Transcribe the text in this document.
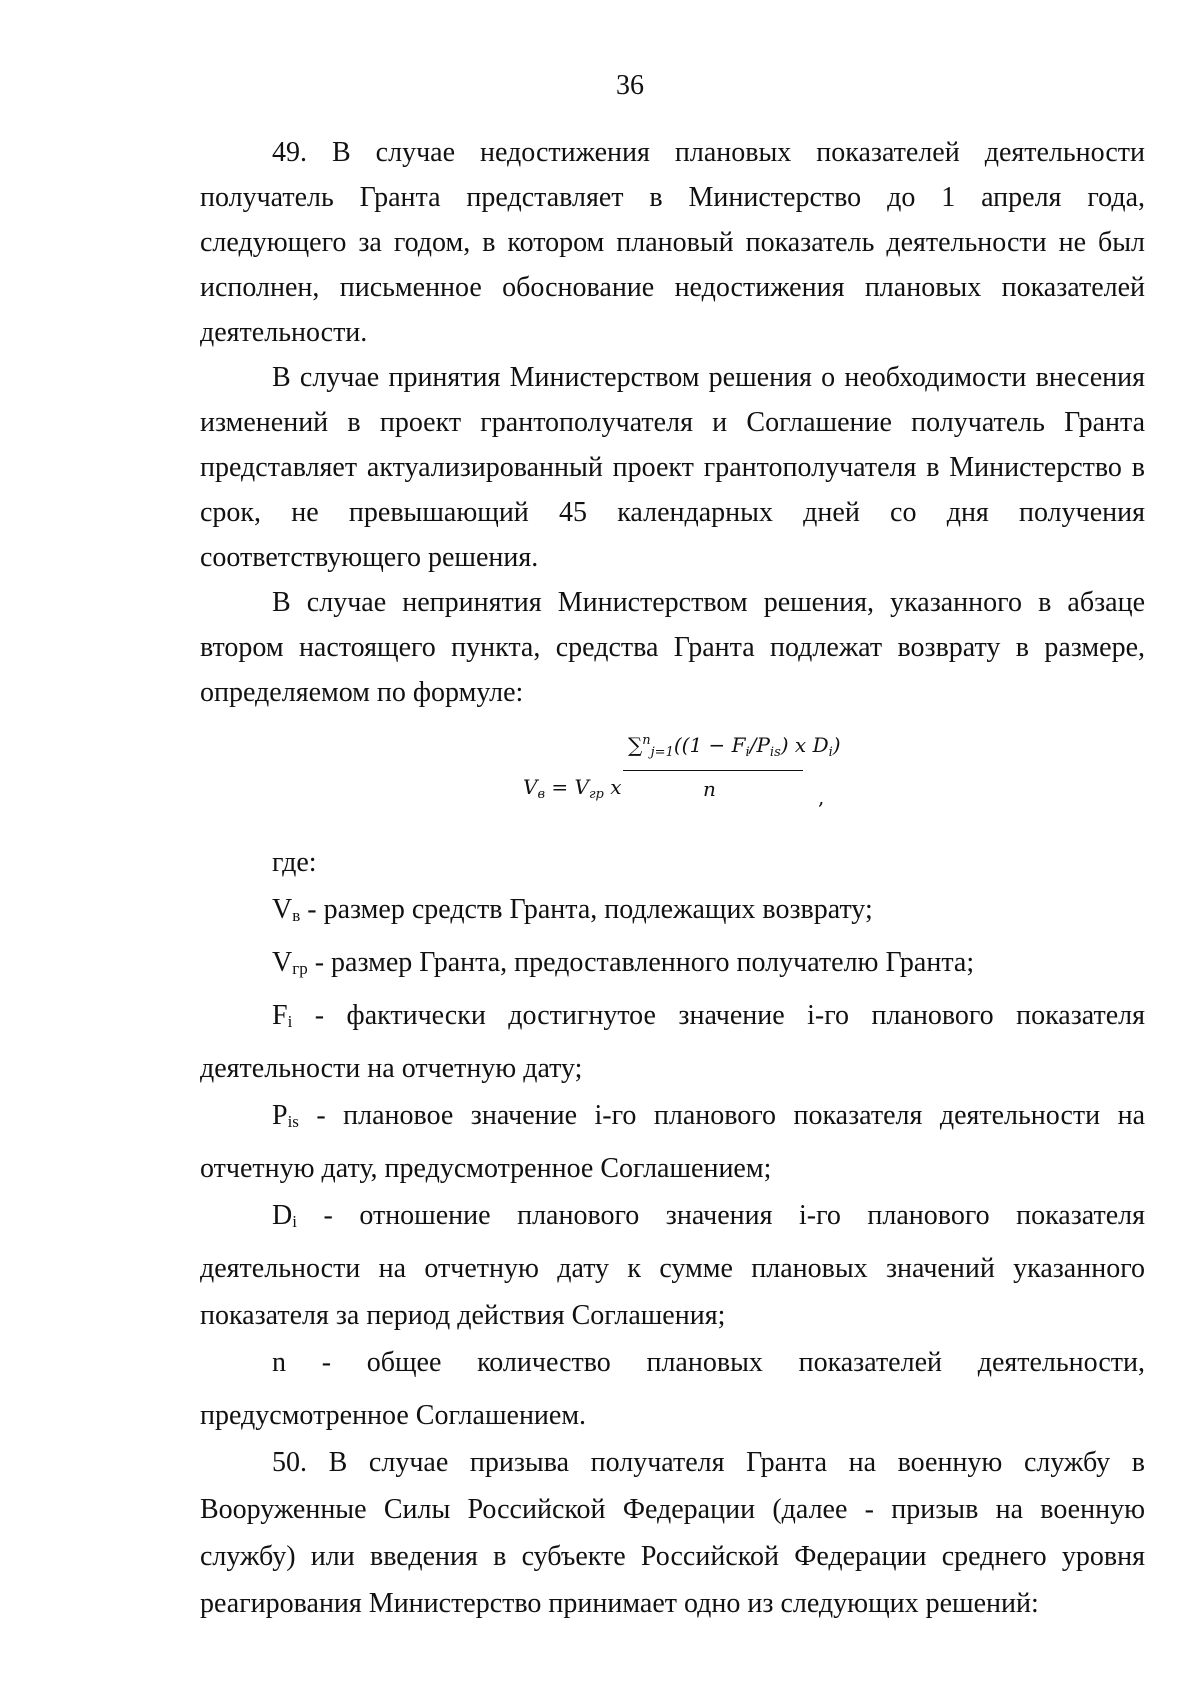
36

49. В случае недостижения плановых показателей деятельности получатель Гранта представляет в Министерство до 1 апреля года, следующего за годом, в котором плановый показатель деятельности не был исполнен, письменное обоснование недостижения плановых показателей деятельности.

В случае принятия Министерством решения о необходимости внесения изменений в проект грантополучателя и Соглашение получатель Гранта представляет актуализированный проект грантополучателя в Министерство в срок, не превышающий 45 календарных дней со дня получения соответствующего решения.

В случае непринятия Министерством решения, указанного в абзаце втором настоящего пункта, средства Гранта подлежат возврату в размере, определяемом по формуле:

$V_в = V_{гр}$ x
$\sum^n_{j=1}((1 - F_i/P_{is})$ x $D_i$)
n	,

где:

Vв - размер средств Гранта, подлежащих возврату;

Vгр - размер Гранта, предоставленного получателю Гранта;

Fi - фактически достигнутое значение i-го планового показателя деятельности на отчетную дату;

Pis - плановое значение i-го планового показателя деятельности на отчетную дату, предусмотренное Соглашением;

Di - отношение планового значения i-го планового показателя деятельности на отчетную дату к сумме плановых значений указанного показателя за период действия Соглашения;

n - общее количество плановых показателей деятельности, предусмотренное Соглашением.

50. В случае призыва получателя Гранта на военную службу в Вооруженные Силы Российской Федерации (далее - призыв на военную службу) или введения в субъекте Российской Федерации среднего уровня реагирования Министерство принимает одно из следующих решений:
